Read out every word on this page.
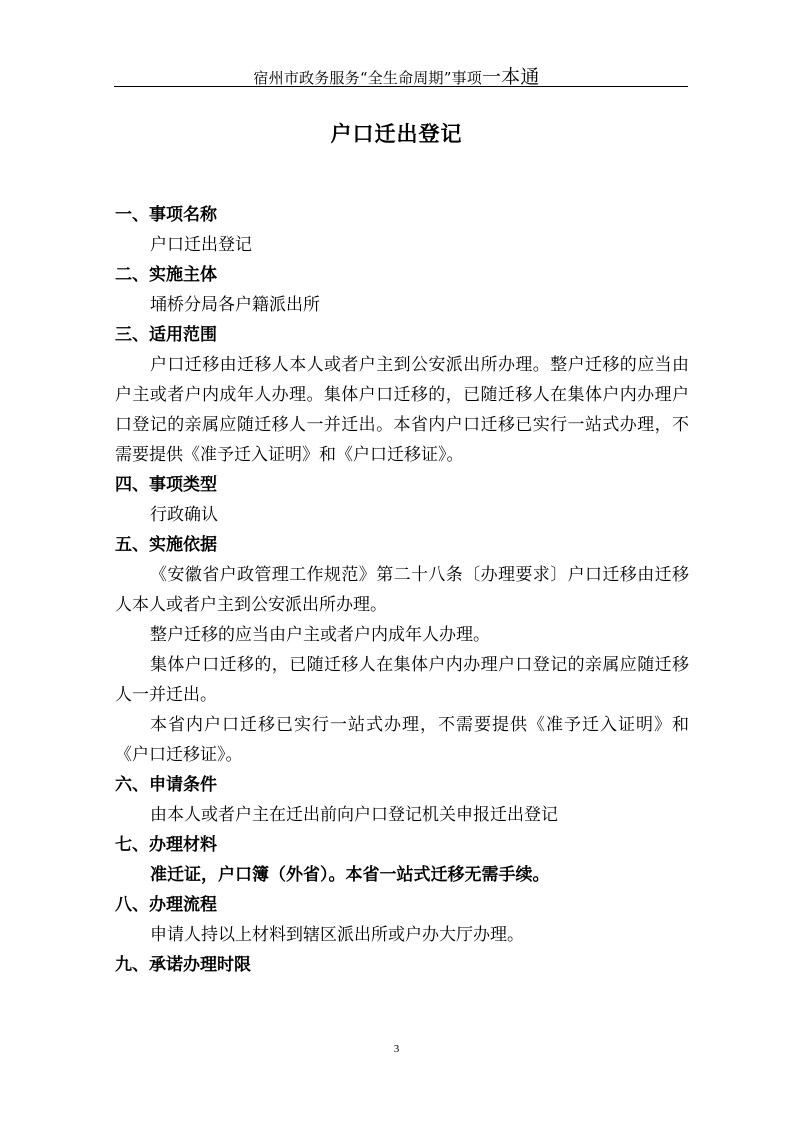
宿州市政务服务“全生命周期”事项一本通
户口迁出登记
一、事项名称
户口迁出登记
二、实施主体
埇桥分局各户籍派出所
三、适用范围
户口迁移由迁移人本人或者户主到公安派出所办理。整户迁移的应当由户主或者户内成年人办理。集体户口迁移的，已随迁移人在集体户内办理户口登记的亲属应随迁移人一并迁出。本省内户口迁移已实行一站式办理，不需要提供《准予迁入证明》和《户口迁移证》。
四、事项类型
行政确认
五、实施依据
《安徽省户政管理工作规范》第二十八条〔办理要求〕户口迁移由迁移人本人或者户主到公安派出所办理。
整户迁移的应当由户主或者户内成年人办理。
集体户口迁移的，已随迁移人在集体户内办理户口登记的亲属应随迁移人一并迁出。
本省内户口迁移已实行一站式办理，不需要提供《准予迁入证明》和《户口迁移证》。
六、申请条件
由本人或者户主在迁出前向户口登记机关申报迁出登记
七、办理材料
准迁证，户口簿（外省）。本省一站式迁移无需手续。
八、办理流程
申请人持以上材料到辖区派出所或户办大厅办理。
九、承诺办理时限
3
